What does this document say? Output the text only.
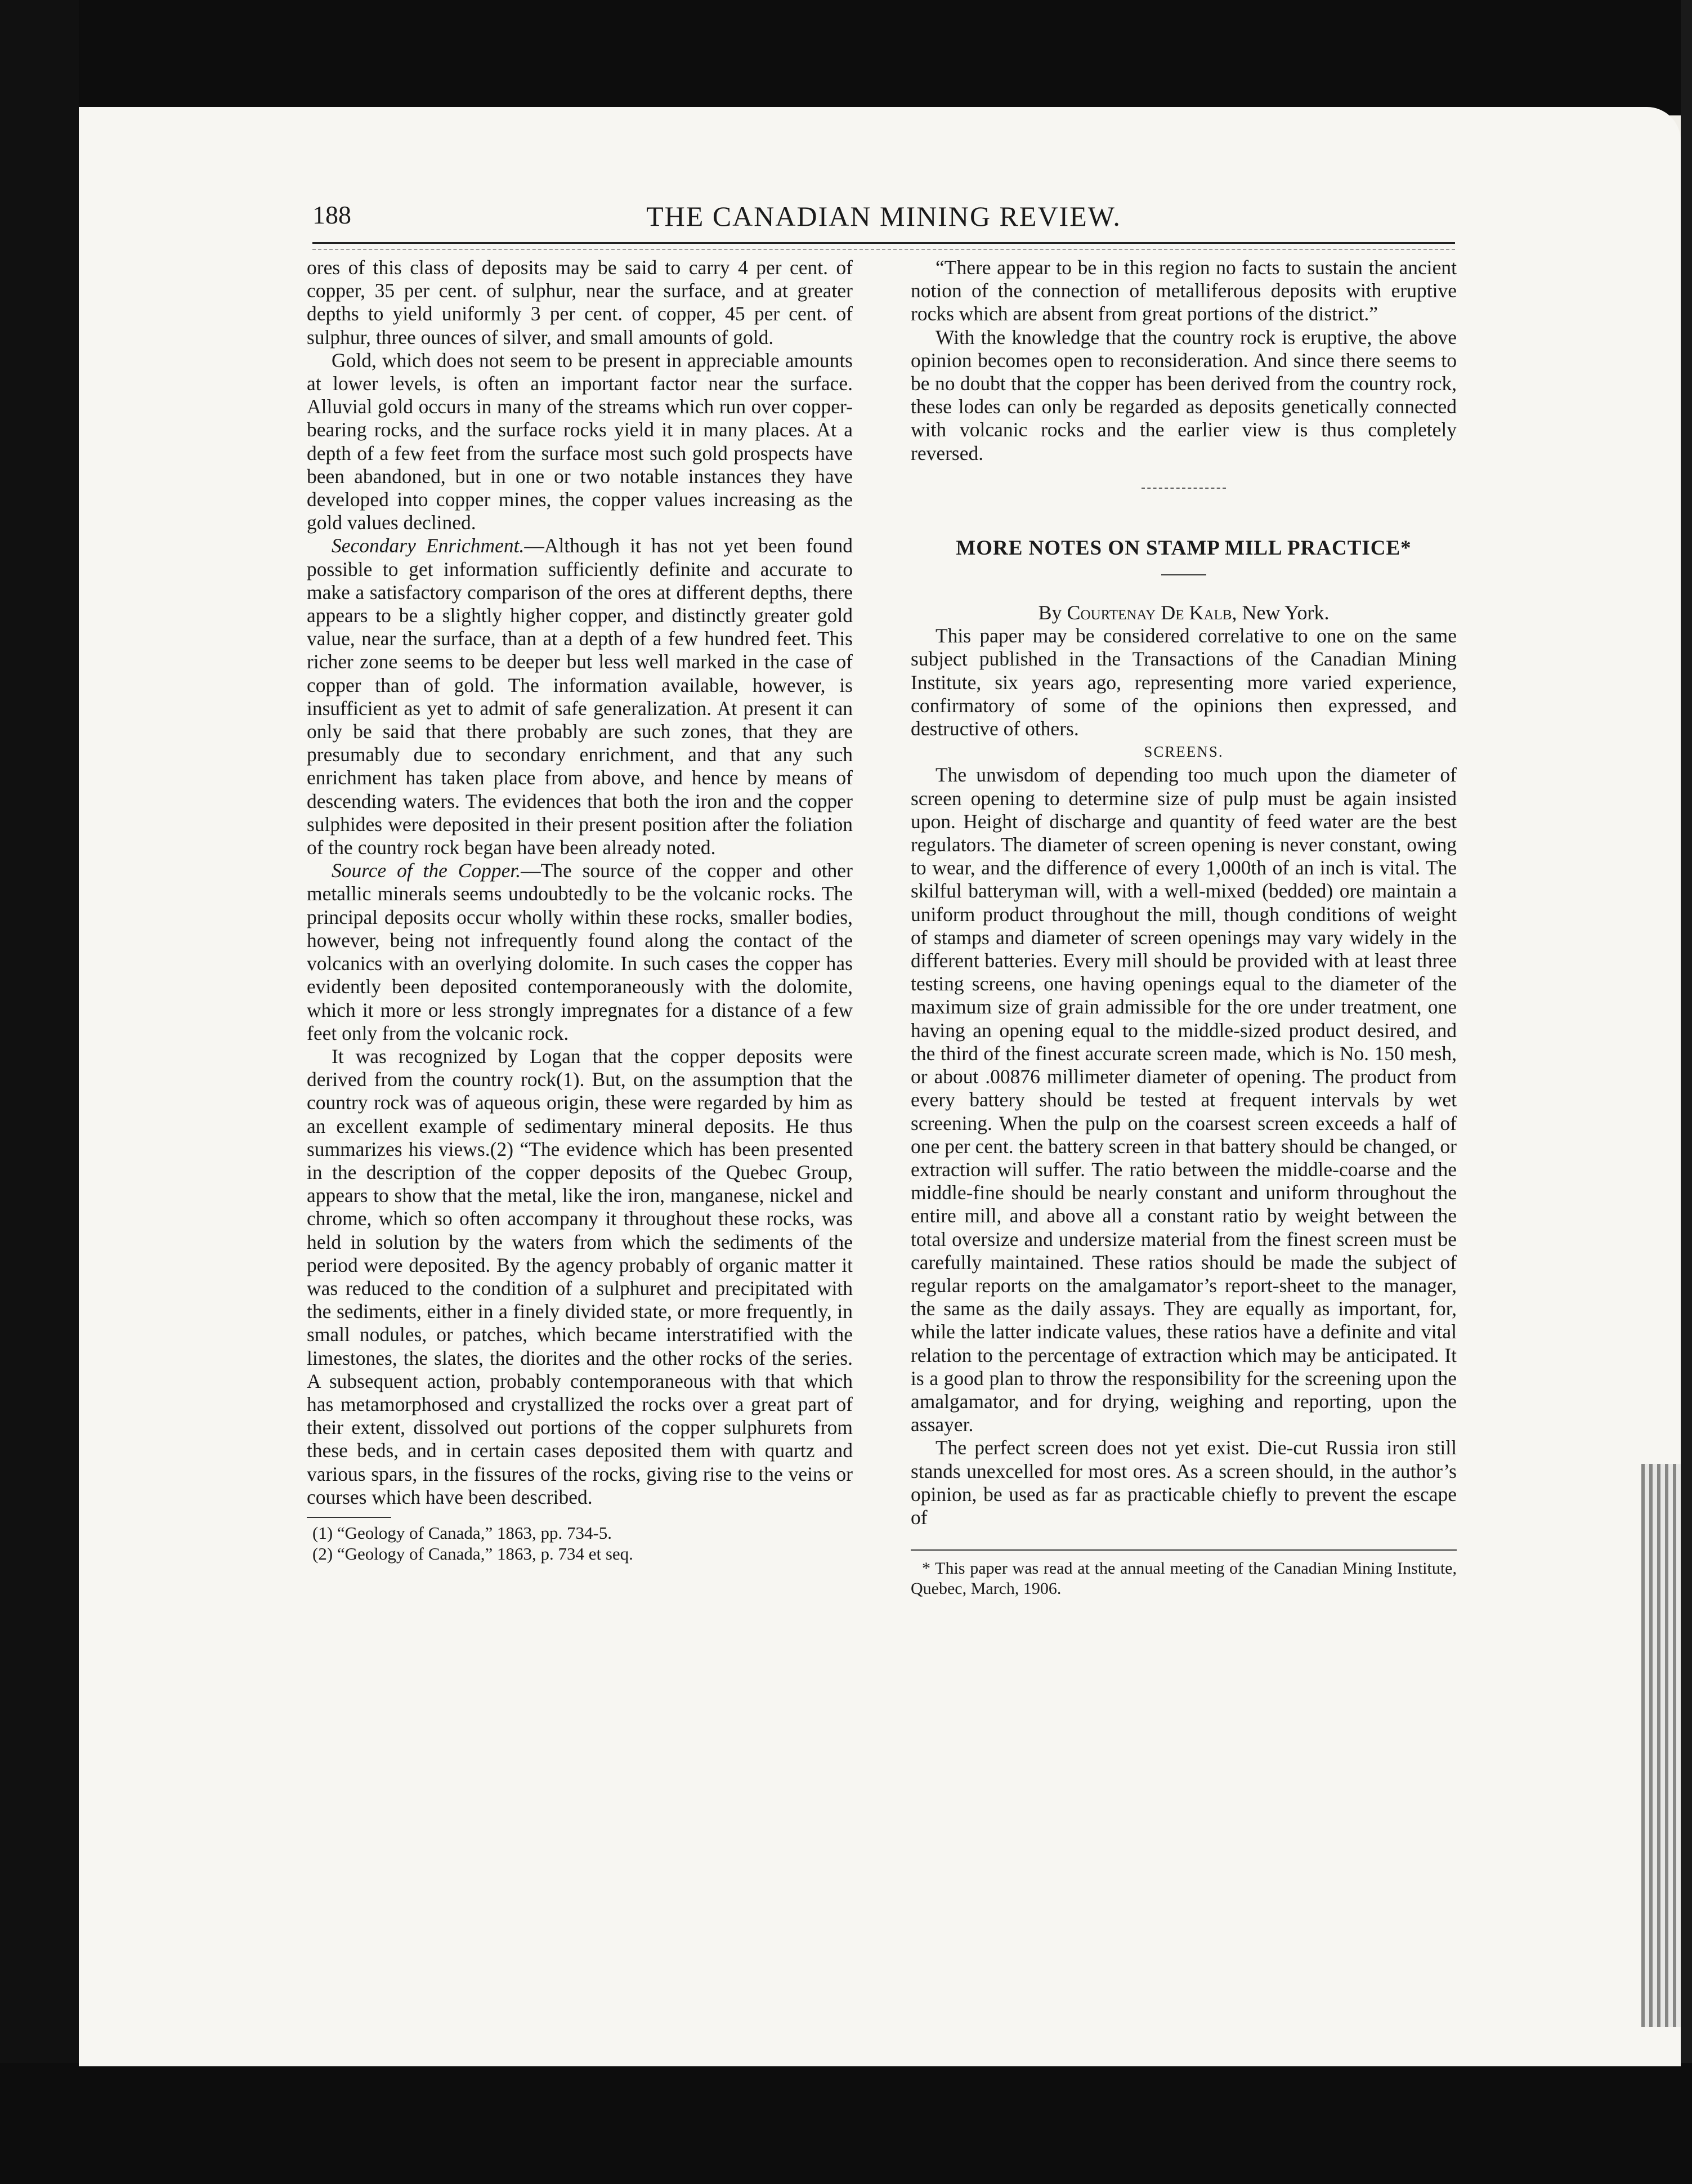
188	THE CANADIAN MINING REVIEW.

ores of this class of deposits may be said to carry 4 per cent. of copper, 35 per cent. of sulphur, near the surface, and at greater depths to yield uniformly 3 per cent. of copper, 45 per cent. of sulphur, three ounces of silver, and small amounts of gold.

Gold, which does not seem to be present in appreciable amounts at lower levels, is often an important factor near the surface. Alluvial gold occurs in many of the streams which run over copper-bearing rocks, and the surface rocks yield it in many places. At a depth of a few feet from the surface most such gold prospects have been abandoned, but in one or two notable instances they have developed into copper mines, the copper values increasing as the gold values declined.

Secondary Enrichment.—Although it has not yet been found possible to get information sufficiently definite and accurate to make a satisfactory comparison of the ores at different depths, there appears to be a slightly higher copper, and distinctly greater gold value, near the surface, than at a depth of a few hundred feet. This richer zone seems to be deeper but less well marked in the case of copper than of gold. The information available, however, is insufficient as yet to admit of safe generalization. At present it can only be said that there probably are such zones, that they are presumably due to secondary enrichment, and that any such enrichment has taken place from above, and hence by means of descending waters. The evidences that both the iron and the copper sulphides were deposited in their present position after the foliation of the country rock began have been already noted.

Source of the Copper.—The source of the copper and other metallic minerals seems undoubtedly to be the volcanic rocks. The principal deposits occur wholly within these rocks, smaller bodies, however, being not infrequently found along the contact of the volcanics with an overlying dolomite. In such cases the copper has evidently been deposited contemporaneously with the dolomite, which it more or less strongly impregnates for a distance of a few feet only from the volcanic rock.

It was recognized by Logan that the copper deposits were derived from the country rock(1). But, on the assumption that the country rock was of aqueous origin, these were regarded by him as an excellent example of sedimentary mineral deposits. He thus summarizes his views.(2) “The evidence which has been presented in the description of the copper deposits of the Quebec Group, appears to show that the metal, like the iron, manganese, nickel and chrome, which so often accompany it throughout these rocks, was held in solution by the waters from which the sediments of the period were deposited. By the agency probably of organic matter it was reduced to the condition of a sulphuret and precipitated with the sediments, either in a finely divided state, or more frequently, in small nodules, or patches, which became interstratified with the limestones, the slates, the diorites and the other rocks of the series. A subsequent action, probably contemporaneous with that which has metamorphosed and crystallized the rocks over a great part of their extent, dissolved out portions of the copper sulphurets from these beds, and in certain cases deposited them with quartz and various spars, in the fissures of the rocks, giving rise to the veins or courses which have been described.

(1) “Geology of Canada,” 1863, pp. 734-5.

(2) “Geology of Canada,” 1863, p. 734 et seq.

“There appear to be in this region no facts to sustain the ancient notion of the connection of metalliferous deposits with eruptive rocks which are absent from great portions of the district.”

With the knowledge that the country rock is eruptive, the above opinion becomes open to reconsideration. And since there seems to be no doubt that the copper has been derived from the country rock, these lodes can only be regarded as deposits genetically connected with volcanic rocks and the earlier view is thus completely reversed.

MORE NOTES ON STAMP MILL PRACTICE*

By Courtenay De Kalb, New York.

This paper may be considered correlative to one on the same subject published in the Transactions of the Canadian Mining Institute, six years ago, representing more varied experience, confirmatory of some of the opinions then expressed, and destructive of others.

SCREENS.

The unwisdom of depending too much upon the diameter of screen opening to determine size of pulp must be again insisted upon. Height of discharge and quantity of feed water are the best regulators. The diameter of screen opening is never constant, owing to wear, and the difference of every 1,000th of an inch is vital. The skilful batteryman will, with a well-mixed (bedded) ore maintain a uniform product throughout the mill, though conditions of weight of stamps and diameter of screen openings may vary widely in the different batteries. Every mill should be provided with at least three testing screens, one having openings equal to the diameter of the maximum size of grain admissible for the ore under treatment, one having an opening equal to the middle-sized product desired, and the third of the finest accurate screen made, which is No. 150 mesh, or about .00876 millimeter diameter of opening. The product from every battery should be tested at frequent intervals by wet screening. When the pulp on the coarsest screen exceeds a half of one per cent. the battery screen in that battery should be changed, or extraction will suffer. The ratio between the middle-coarse and the middle-fine should be nearly constant and uniform throughout the entire mill, and above all a constant ratio by weight between the total oversize and undersize material from the finest screen must be carefully maintained. These ratios should be made the subject of regular reports on the amalgamator’s report-sheet to the manager, the same as the daily assays. They are equally as important, for, while the latter indicate values, these ratios have a definite and vital relation to the percentage of extraction which may be anticipated. It is a good plan to throw the responsibility for the screening upon the amalgamator, and for drying, weighing and reporting, upon the assayer.

The perfect screen does not yet exist. Die-cut Russia iron still stands unexcelled for most ores. As a screen should, in the author’s opinion, be used as far as practicable chiefly to prevent the escape of

* This paper was read at the annual meeting of the Canadian Mining Institute, Quebec, March, 1906.
